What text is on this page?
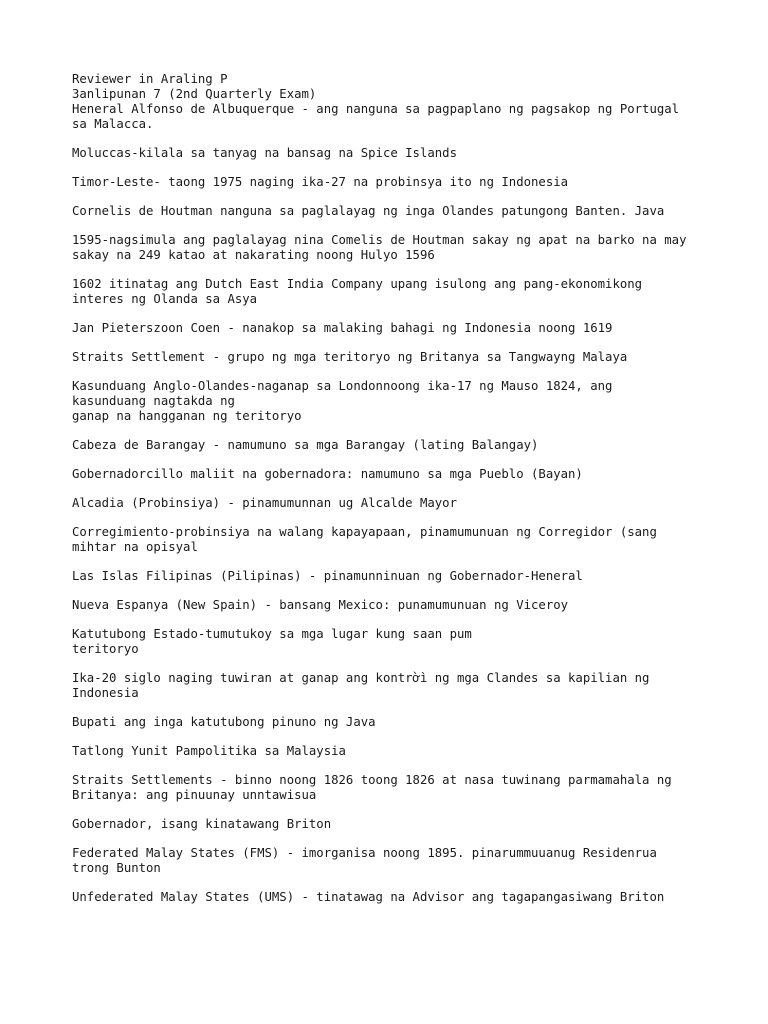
Reviewer in Araling P
3anlipunan 7 (2nd Quarterly Exam)
Heneral Alfonso de Albuquerque - ang nanguna sa pagpaplano ng pagsakop ng Portugal
sa Malacca.
Moluccas-kilala sa tanyag na bansag na Spice Islands
Timor-Leste- taong 1975 naging ika-27 na probinsya ito ng Indonesia
Cornelis de Houtman nanguna sa paglalayag ng inga Olandes patungong Banten. Java
1595-nagsimula ang paglalayag nina Comelis de Houtman sakay ng apat na barko na may
sakay na 249 katao at nakarating noong Hulyo 1596
1602 itinatag ang Dutch East India Company upang isulong ang pang-ekonomikong
interes ng Olanda sa Asya
Jan Pieterszoon Coen - nanakop sa malaking bahagi ng Indonesia noong 1619
Straits Settlement - grupo ng mga teritoryo ng Britanya sa Tangwayng Malaya
Kasunduang Anglo-Olandes-naganap sa Londonnoong ika-17 ng Mauso 1824, ang
kasunduang nagtakda ng
ganap na hangganan ng teritoryo
Cabeza de Barangay - namumuno sa mga Barangay (lating Balangay)
Gobernadorcillo maliit na gobernadora: namumuno sa mga Pueblo (Bayan)
Alcadia (Probinsiya) - pinamumunnan ug Alcalde Mayor
Corregimiento-probinsiya na walang kapayapaan, pinamumunuan ng Corregidor (sang
mihtar na opisyal
Las Islas Filipinas (Pilipinas) - pinamunninuan ng Gobernador-Heneral
Nueva Espanya (New Spain) - bansang Mexico: punamumunuan ng Viceroy
Katutubong Estado-tumutukoy sa mga lugar kung saan pum
teritoryo
Ika-20 siglo naging tuwiran at ganap ang kontrờì ng mga Clandes sa kapilian ng
Indonesia
Bupati ang inga katutubong pinuno ng Java
Tatlong Yunit Pampolitika sa Malaysia
Straits Settlements - binno noong 1826 toong 1826 at nasa tuwinang parmamahala ng
Britanya: ang pinuunay unntawisua
Gobernador, isang kinatawang Briton
Federated Malay States (FMS) - imorganisa noong 1895. pinarummuuanug Residenrua
trong Bunton
Unfederated Malay States (UMS) - tinatawag na Advisor ang tagapangasiwang Briton
